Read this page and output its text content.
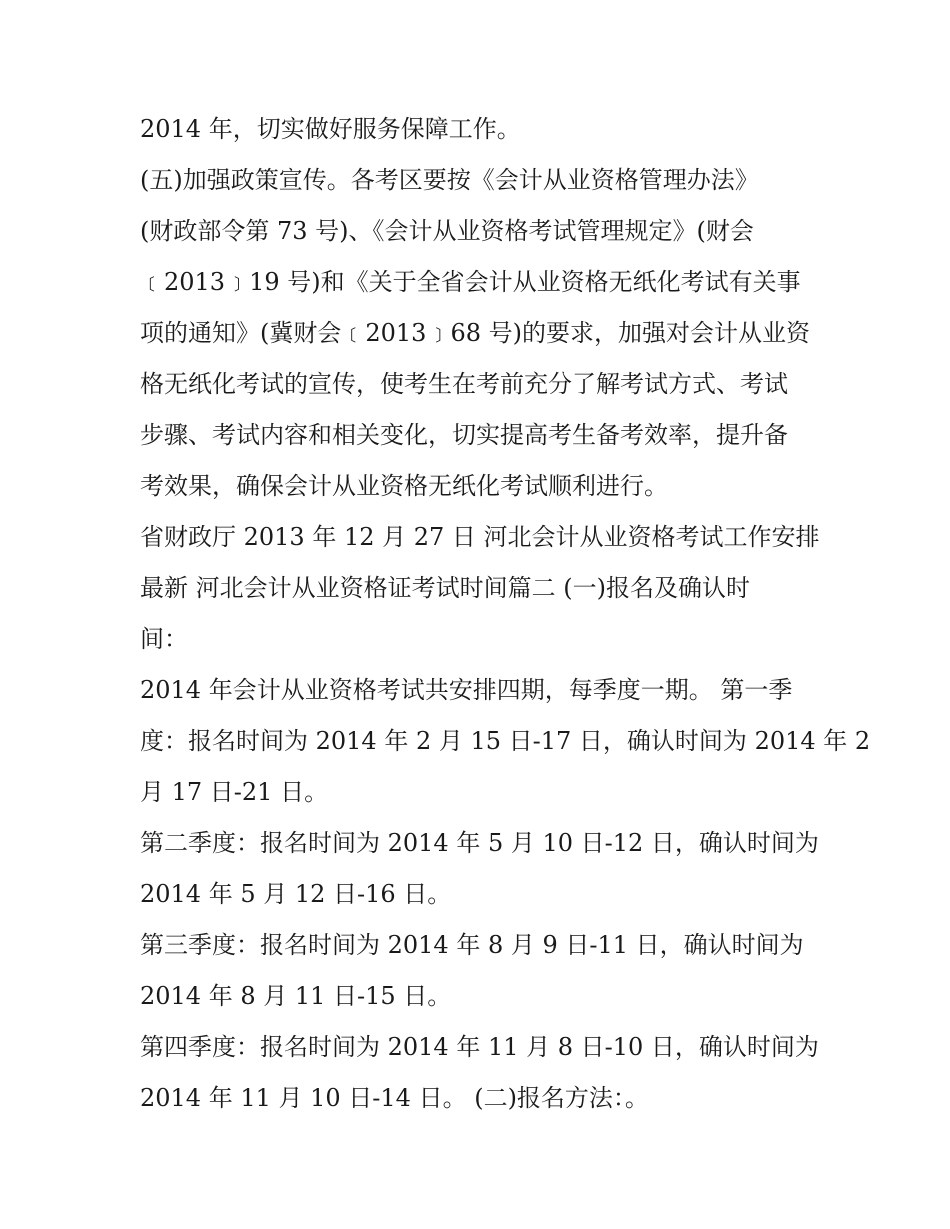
2014 年，切实做好服务保障工作。
(五)加强政策宣传。各考区要按《会计从业资格管理办法》
(财政部令第 73 号)、《会计从业资格考试管理规定》(财会
﹝2013﹞19 号)和《关于全省会计从业资格无纸化考试有关事
项的通知》(冀财会﹝2013﹞68 号)的要求，加强对会计从业资
格无纸化考试的宣传，使考生在考前充分了解考试方式、考试
步骤、考试内容和相关变化，切实提高考生备考效率，提升备
考效果，确保会计从业资格无纸化考试顺利进行。
省财政厅 2013 年 12 月 27 日 河北会计从业资格考试工作安排
最新 河北会计从业资格证考试时间篇二 (一)报名及确认时
间：
2014 年会计从业资格考试共安排四期，每季度一期。 第一季
度：报名时间为 2014 年 2 月 15 日-17 日，确认时间为 2014 年 2
月 17 日-21 日。
第二季度：报名时间为 2014 年 5 月 10 日-12 日，确认时间为
2014 年 5 月 12 日-16 日。
第三季度：报名时间为 2014 年 8 月 9 日-11 日，确认时间为
2014 年 8 月 11 日-15 日。
第四季度：报名时间为 2014 年 11 月 8 日-10 日，确认时间为
2014 年 11 月 10 日-14 日。 (二)报名方法：。
